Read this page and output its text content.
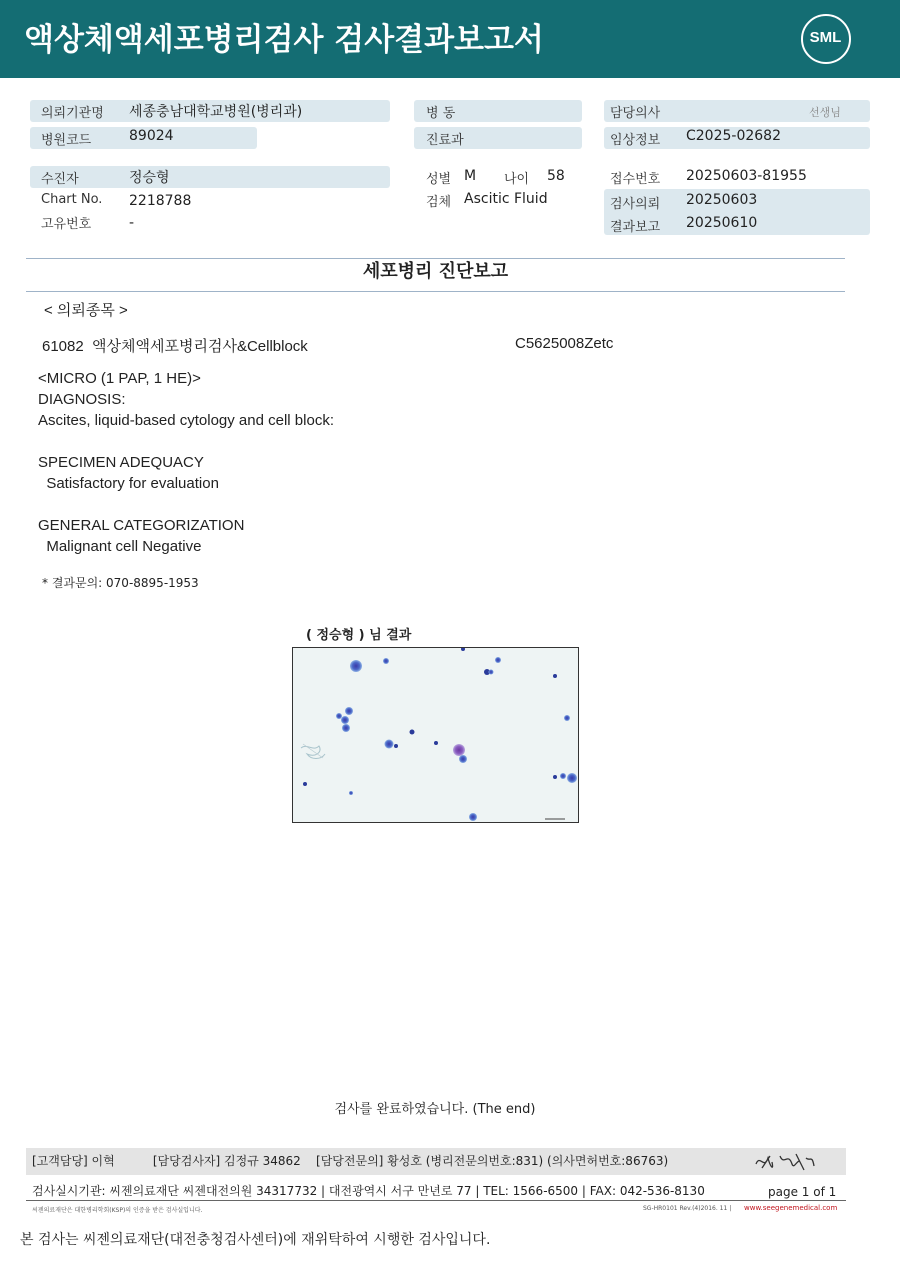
액상체액세포병리검사 검사결과보고서	SML
의뢰기관명 세종충남대학교병원(병리과)
병원코드	89024
병 동
진료과
담당의사	선생님
임상정보 C2025-02682
수진자	정승형
Chart No. 2218788
고유번호	-
성별 M 나이 58
검체 Ascitic Fluid
접수번호 20250603-81955
검사의뢰 20250603
결과보고 20250610
세포병리 진단보고
< 의뢰종목 >
61082  액상체액세포병리검사&Cellblock	C5625008Zetc
<MICRO (1 PAP, 1 HE)>
DIAGNOSIS:
Ascites, liquid-based cytology and cell block:
SPECIMEN ADEQUACY
Satisfactory for evaluation
GENERAL CATEGORIZATION
Malignant cell Negative
* 결과문의: 070-8895-1953
( 정승형 ) 님 결과
검사를 완료하였습니다. (The end)
[고객담당] 이혁          [담당검사자] 김정규 34862    [담당전문의] 황성호 (병리전문의번호:831) (의사면허번호:86763)
검사실시기관: 씨젠의료재단 씨젠대전의원 34317732 | 대전광역시 서구 만년로 77 | TEL: 1566-6500 | FAX: 042-536-8130	page 1 of 1
씨젠의료재단은 대한병리학회(KSP)의 인증을 받은 검사실입니다.	SG-HR0101 Rev.(4)2016. 11 | www.seegenemedical.com
본 검사는 씨젠의료재단(대전충청검사센터)에 재위탁하여 시행한 검사입니다.
